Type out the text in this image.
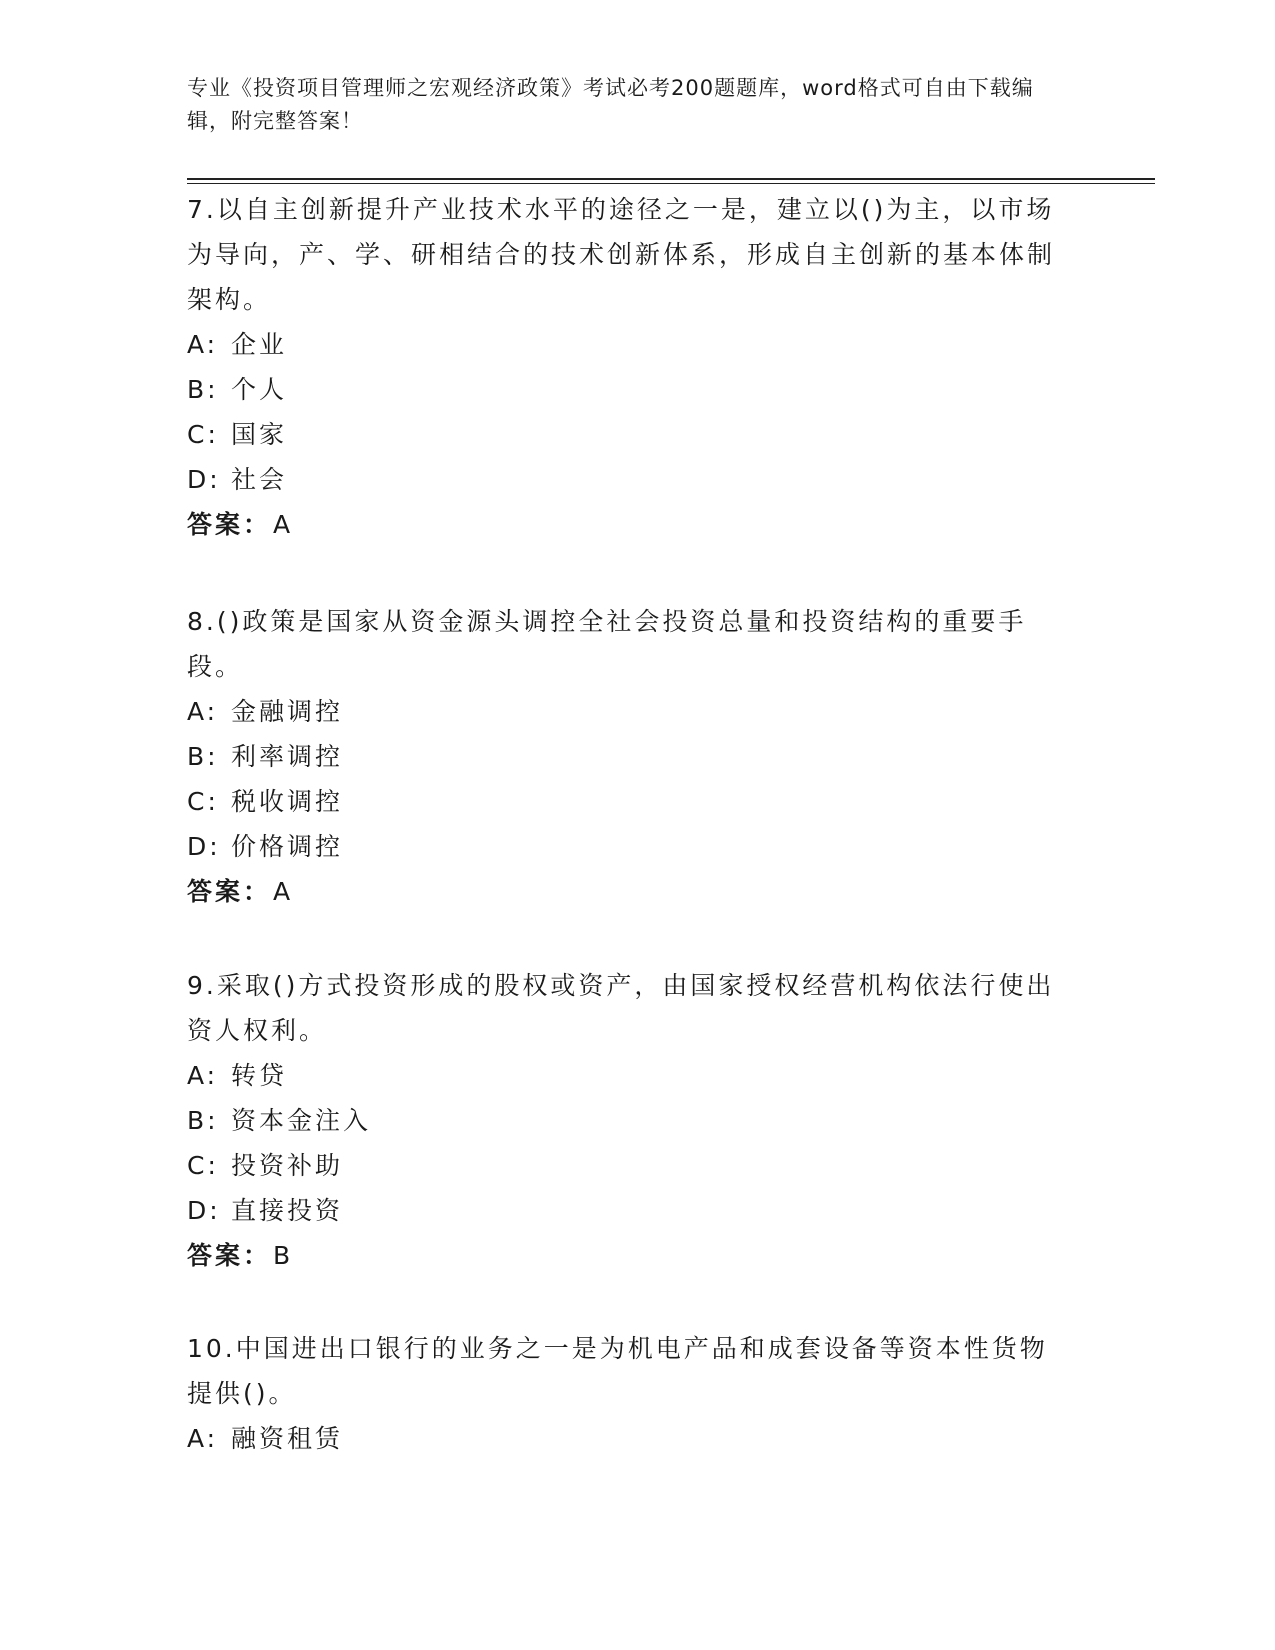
专业《投资项目管理师之宏观经济政策》考试必考200题题库，word格式可自由下载编辑，附完整答案！

7.以自主创新提升产业技术水平的途径之一是，建立以()为主，以市场为导向，产、学、研相结合的技术创新体系，形成自主创新的基本体制架构。

A: 企业
B: 个人
C: 国家
D: 社会
答案：A

8.()政策是国家从资金源头调控全社会投资总量和投资结构的重要手段。

A: 金融调控
B: 利率调控
C: 税收调控
D: 价格调控
答案：A

9.采取()方式投资形成的股权或资产，由国家授权经营机构依法行使出资人权利。

A: 转贷
B: 资本金注入
C: 投资补助
D: 直接投资
答案：B

10.中国进出口银行的业务之一是为机电产品和成套设备等资本性货物提供()。

A: 融资租赁
